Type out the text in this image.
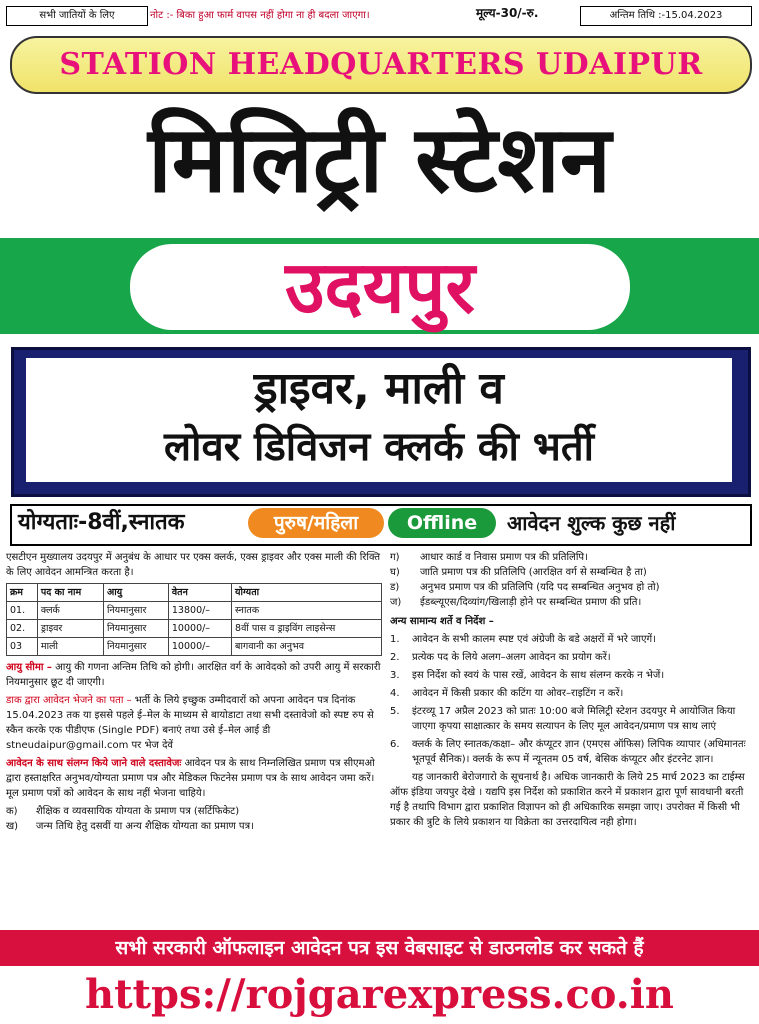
सभी जातियों के लिए	नोट :- बिका हुआ फार्म वापस नहीं होगा ना ही बदला जाएगा।	मूल्य-30/-रु.	अन्तिम तिथि :-15.04.2023
STATION HEADQUARTERS UDAIPUR
मिलिट्री स्टेशन
उदयपुर
ड्राइवर, माली व
लोवर डिविजन क्लर्क की भर्ती
योग्यताः-8वीं,स्नातक	पुरुष/महिला	Offline	आवेदन शुल्क कुछ नहीं

एसटीएन मुख्यालय उदयपुर में अनुबंध के आधार पर एक्स क्लर्क, एक्स ड्राइवर और एक्स माली की रिक्ति के लिए आवेदन आमन्त्रित करता है।

क्रम	पद का नाम	आयु	वेतन	योग्यता
01.	क्लर्क	नियमानुसार	13800/–	स्नातक
02.	ड्राइवर	नियमानुसार	10000/–	8वीं पास व ड्राइविंग लाइसेन्स
03	माली	नियमानुसार	10000/–	बागवानी का अनुभव

आयु सीमा – आयु की गणना अन्तिम तिथि को होगी। आरक्षित वर्ग के आवेदको को उपरी आयु में सरकारी नियमानुसार छूट दी जाएगी।

डाक द्वारा आवेदन भेजने का पता – भर्ती के लिये इच्छुक उम्मीदवारों को अपना आवेदन पत्र दिनांक 15.04.2023 तक या इससे पहले ई–मेल के माध्यम से बायोडाटा तथा सभी दस्तावेजो को स्पष्ट रुप से स्कैन करके एक पीडीएफ (Single PDF) बनाएं तथा उसे ई–मेल आई डी stneudaipur@gmail.com पर भेज देवें

आवेदन के साथ संलग्न किये जाने वाले दस्तावेजः आवेदन पत्र के साथ निम्नलिखित प्रमाण पत्र सीएमओ द्वारा हस्ताक्षरित अनुभव/योग्यता प्रमाण पत्र और मेडिकल फिटनेस प्रमाण पत्र के साथ आवेदन जमा करें। मूल प्रमाण पत्रों को आवेदन के साथ नहीं भेजना चाहिये।

क)	शैक्षिक व व्यवसायिक योग्यता के प्रमाण पत्र (सर्टिफिकेट)
ख)	जन्म तिथि हेतु दसवीं या अन्य शैक्षिक योग्यता का प्रमाण पत्र।
ग)	आधार कार्ड व निवास प्रमाण पत्र की प्रतिलिपि।
घ)	जाति प्रमाण पत्र की प्रतिलिपि (आरक्षित वर्ग से सम्बन्धित है ता)
ड)	अनुभव प्रमाण पत्र की प्रतिलिपि (यदि पद सम्बन्धित अनुभव हो तो)
ज)	ईडब्ल्यूएस/दिव्यांग/खिलाड़ी होने पर सम्बन्धित प्रमाण की प्रति।

अन्य सामान्य शर्ते व निर्देश –

1.	आवेदन के सभी कालम स्पष्ट एवं अंग्रेजी के बडे अक्षरों में भरे जाएगें।
2.	प्रत्येक पद के लिये अलग–अलग आवेदन का प्रयोग करें।
3.	इस निर्देश को स्वयं के पास रखें, आवेदन के साथ संलग्न करके न भेजें।
4.	आवेदन में किसी प्रकार की कटिंग या ओवर–राइटिंग न करें।
5.	इंटरव्यू 17 अप्रैल 2023 को प्रातः 10:00 बजे मिलिट्री स्टेशन उदयपुर मे आयोजित किया जाएगा कृपया साक्षात्कार के समय सत्यापन के लिए मूल आवेदन/प्रमाण पत्र साथ लाएं
6.	क्लर्क के लिए स्नातक/कक्षा– और कंप्यूटर ज्ञान (एमएस ऑफिस) लिपिक व्यापार (अधिमानतः भूतपूर्व सैनिक)। क्लर्क के रूप में न्यूनतम 05 वर्ष, बेसिक कंप्यूटर और इंटरनेट ज्ञान।

यह जानकारी बेरोजगारो के सूचनार्थ है। अधिक जानकारी के लिये 25 मार्च 2023 का टाईम्स ऑफ इंडिया जयपुर देखे । यद्यपि इस निर्देश को प्रकाशित करने में प्रकाशन द्वारा पूर्ण सावधानी बरती गई है तथापि विभाग द्वारा प्रकाशित विज्ञापन को ही अधिकारिक समझा जाए। उपरोक्त में किसी भी प्रकार की त्रुटि के लिये प्रकाशन या विक्रेता का उत्तरदायित्व नही होगा।

सभी सरकारी ऑफलाइन आवेदन पत्र इस वेबसाइट से डाउनलोड कर सकते हैं
https://rojgarexpress.co.in
